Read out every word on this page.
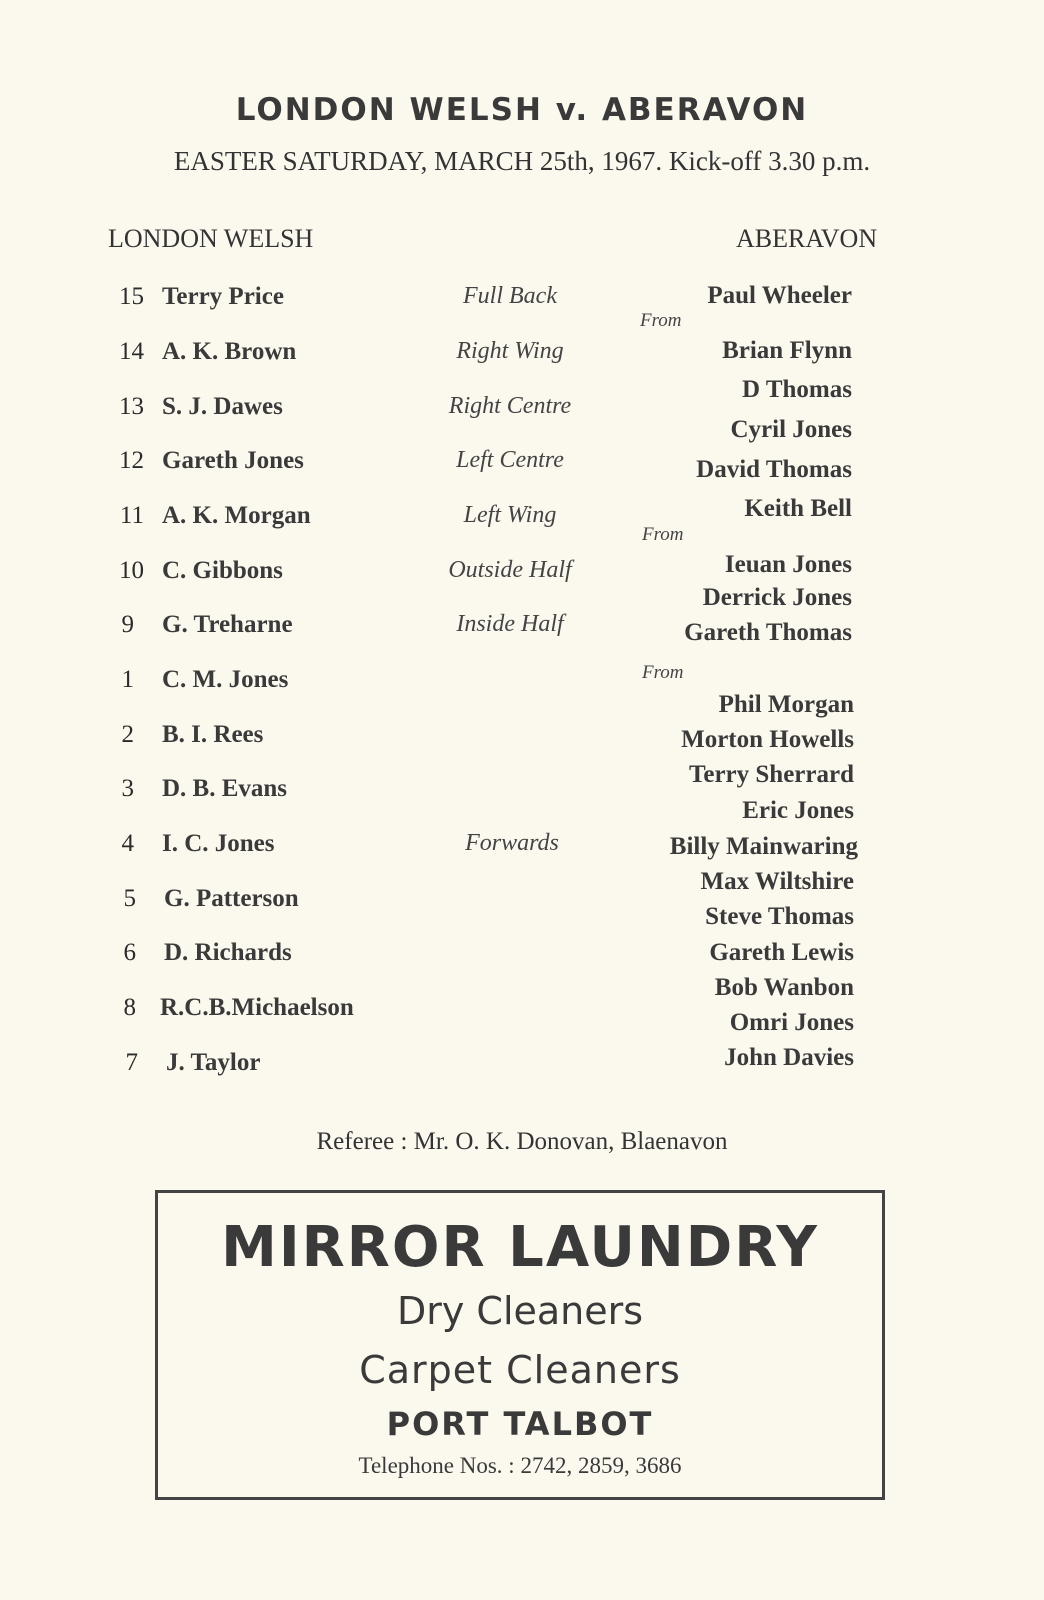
LONDON WELSH v. ABERAVON
EASTER SATURDAY, MARCH 25th, 1967. Kick-off 3.30 p.m.
LONDON WELSH	ABERAVON
15 Terry Price
14 A. K. Brown
13 S. J. Dawes
12 Gareth Jones
11 A. K. Morgan
10 C. Gibbons
9 G. Treharne
1 C. M. Jones
2 B. I. Rees
3 D. B. Evans
4 I. C. Jones
5 G. Patterson
6 D. Richards
8 R.C.B.Michaelson
7 J. Taylor
Full Back
Right Wing
Right Centre
Left Centre
Left Wing
Outside Half
Inside Half
Forwards
Paul Wheeler
From
Brian Flynn
D Thomas
Cyril Jones
David Thomas
Keith Bell
From
Ieuan Jones
Derrick Jones
Gareth Thomas
From
Phil Morgan
Morton Howells
Terry Sherrard
Eric Jones
Billy Mainwaring
Max Wiltshire
Steve Thomas
Gareth Lewis
Bob Wanbon
Omri Jones
John Davies
Referee : Mr. O. K. Donovan, Blaenavon
MIRROR LAUNDRY
Dry Cleaners
Carpet Cleaners
PORT TALBOT
Telephone Nos. : 2742, 2859, 3686
